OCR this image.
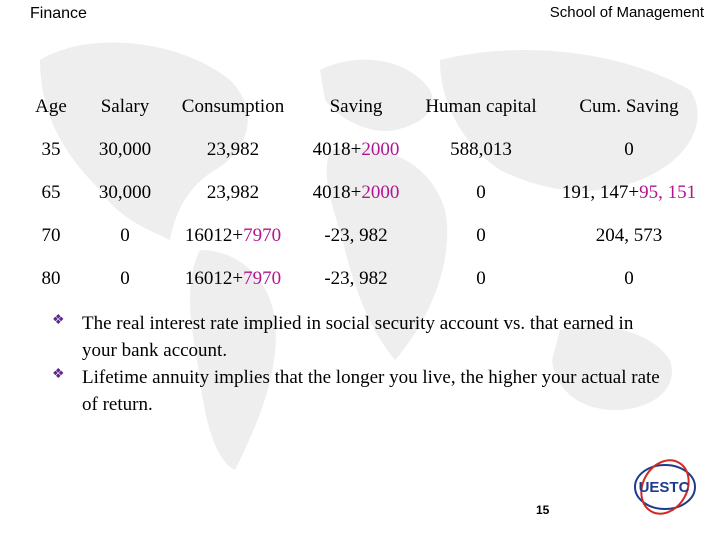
Finance	School of Management
Age	Salary	Consumption	Saving	Human capital	Cum. Saving
35	30,000	23,982	4018+2000	588,013	0
65	30,000	23,982	4018+2000	0	191, 147+95, 151
70	0	16012+7970	-23, 982	0	204, 573
80	0	16012+7970	-23, 982	0	0
❖ The real interest rate implied in social security account vs. that earned in your bank account.
❖ Lifetime annuity implies that the longer you live, the higher your actual rate of return.
UESTC
15
